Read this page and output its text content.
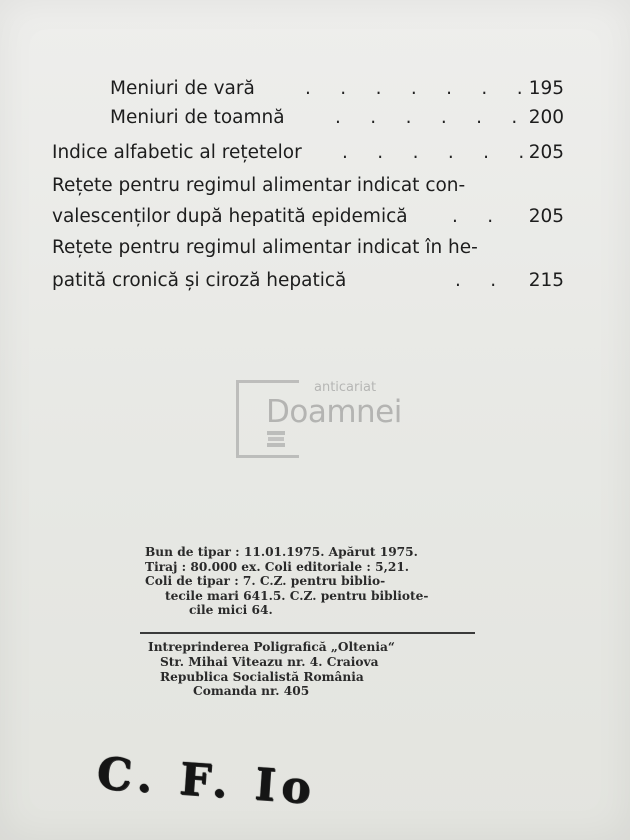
Meniuri de vară	.     .     .     .     .     .     . 195
Meniuri de toamnă	.     .     .     .     .     . 200
Indice alfabetic al rețetelor .     .     .     .     .     . 205
Rețete pentru regimul alimentar indicat con-
valescenților după hepatită epidemică .     . 205
Rețete pentru regimul alimentar indicat în he-
patită cronică și ciroză hepatică	.     . 215
anticariat
Doamnei
Bun de tipar : 11.01.1975. Apărut 1975.
Tiraj : 80.000 ex. Coli editoriale : 5,21.
Coli de tipar : 7. C.Z. pentru biblio-
tecile mari 641.5. C.Z. pentru bibliote-
cile mici 64.
Intreprinderea Poligrafică „Oltenia“
Str. Mihai Viteazu nr. 4. Craiova
Republica Socialistă România
Comanda nr. 405
C. F. Io
